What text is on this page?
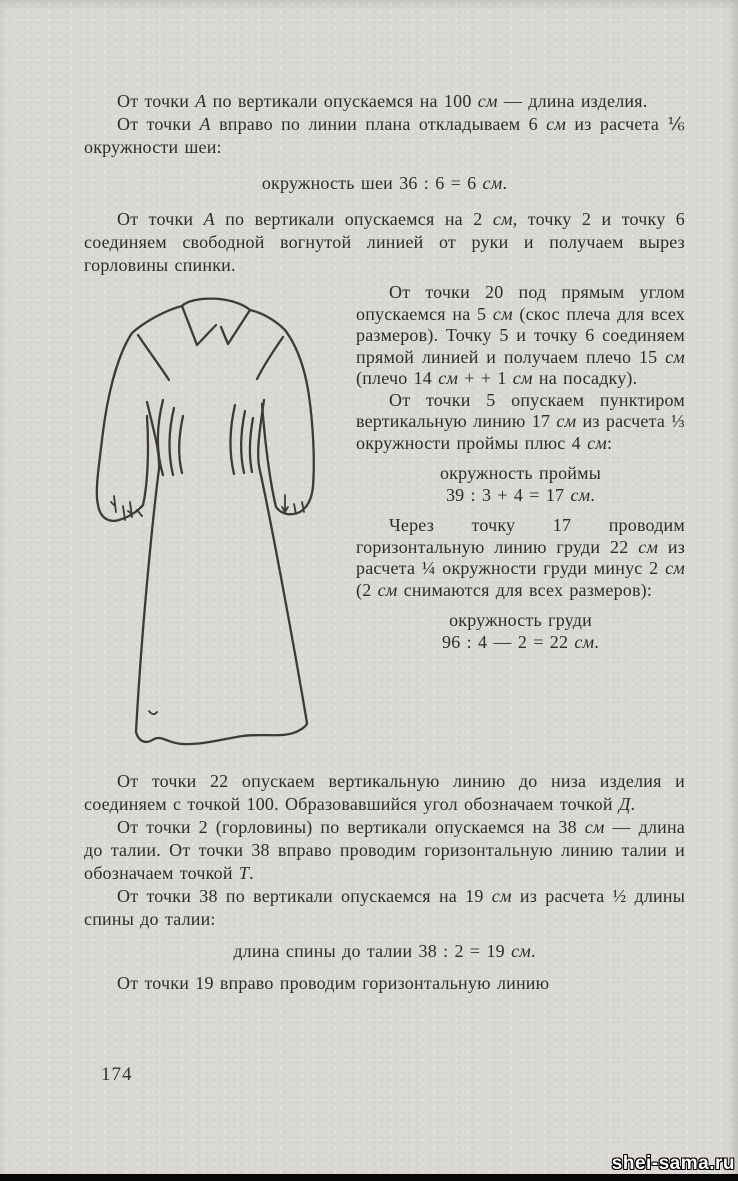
От точки А по вертикали опускаемся на 100 см — длина изделия.

От точки А вправо по линии плана откладываем 6 см из расчета ⅙ окружности шеи:

окружность шеи 36 : 6 = 6 см.

От точки А по вертикали опускаемся на 2 см, точку 2 и точку 6 соединяем свободной вогнутой линией от руки и получаем вырез горловины спинки.

От точки 20 под прямым углом опускаемся на 5 см (скос плеча для всех размеров). Точку 5 и точку 6 соединяем прямой линией и получаем плечо 15 см (плечо 14 см + + 1 см на посадку).

От точки 5 опускаем пунктиром вертикальную линию 17 см из расчета ⅓ окружности проймы плюс 4 см:

окружность проймы
39 : 3 + 4 = 17 см.

Через точку 17 проводим горизонтальную линию груди 22 см из расчета ¼ окружности груди минус 2 см (2 см снимаются для всех размеров):

окружность груди
96 : 4 — 2 = 22 см.

От точки 22 опускаем вертикальную линию до низа изделия и соединяем с точкой 100. Образовавшийся угол обозначаем точкой Д.

От точки 2 (горловины) по вертикали опускаемся на 38 см — длина до талии. От точки 38 вправо проводим горизонтальную линию талии и обозначаем точкой Т.

От точки 38 по вертикали опускаемся на 19 см из расчета ½ длины спины до талии:

длина спины до талии 38 : 2 = 19 см.

От точки 19 вправо проводим горизонтальную линию

174
shei-sama.ru
